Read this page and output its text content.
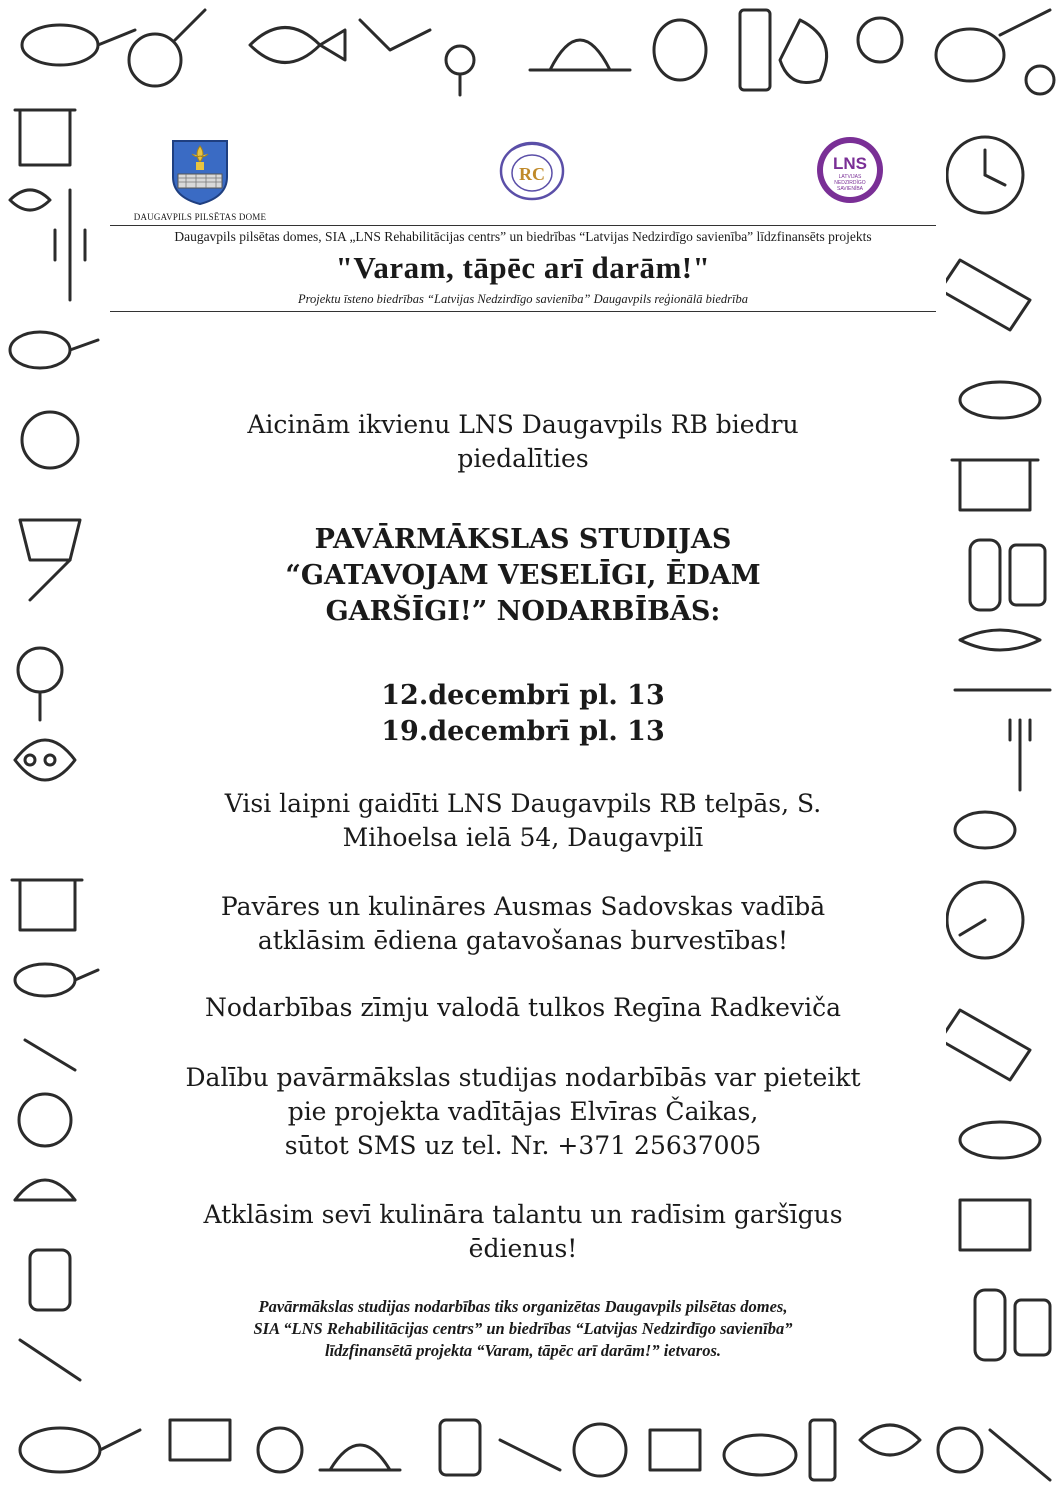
DAUGAVPILS PILSĒTAS DOME
RC
LNS
LATVIJAS
NEDZIRDĪGO
SAVIENĪBA
Daugavpils pilsētas domes, SIA „LNS Rehabilitācijas centrs” un biedrības “Latvijas Nedzirdīgo savienība” līdzfinansēts projekts
"Varam, tāpēc arī darām!"
Projektu īsteno biedrības “Latvijas Nedzirdīgo savienība” Daugavpils reģionālā biedrība
Aicinām ikvienu LNS Daugavpils RB biedru
piedalīties
PAVĀRMĀKSLAS STUDIJAS
“GATAVOJAM VESELĪGI, ĒDAM
GARŠĪGI!” NODARBĪBĀS:
12.decembrī pl. 13
19.decembrī pl. 13
Visi laipni gaidīti LNS Daugavpils RB telpās, S.
Mihoelsa ielā 54, Daugavpilī
Pavāres un kulināres Ausmas Sadovskas vadībā
atklāsim ēdiena gatavošanas burvestības!
Nodarbības zīmju valodā tulkos Regīna Radkeviča
Dalību pavārmākslas studijas nodarbībās var pieteikt
pie projekta vadītājas Elvīras Čaikas,
sūtot SMS uz tel. Nr. +371 25637005
Atklāsim sevī kulināra talantu un radīsim garšīgus
ēdienus!
Pavārmākslas studijas nodarbības tiks organizētas Daugavpils pilsētas domes,
SIA “LNS Rehabilitācijas centrs” un biedrības “Latvijas Nedzirdīgo savienība”
līdzfinansētā projekta “Varam, tāpēc arī darām!” ietvaros.
